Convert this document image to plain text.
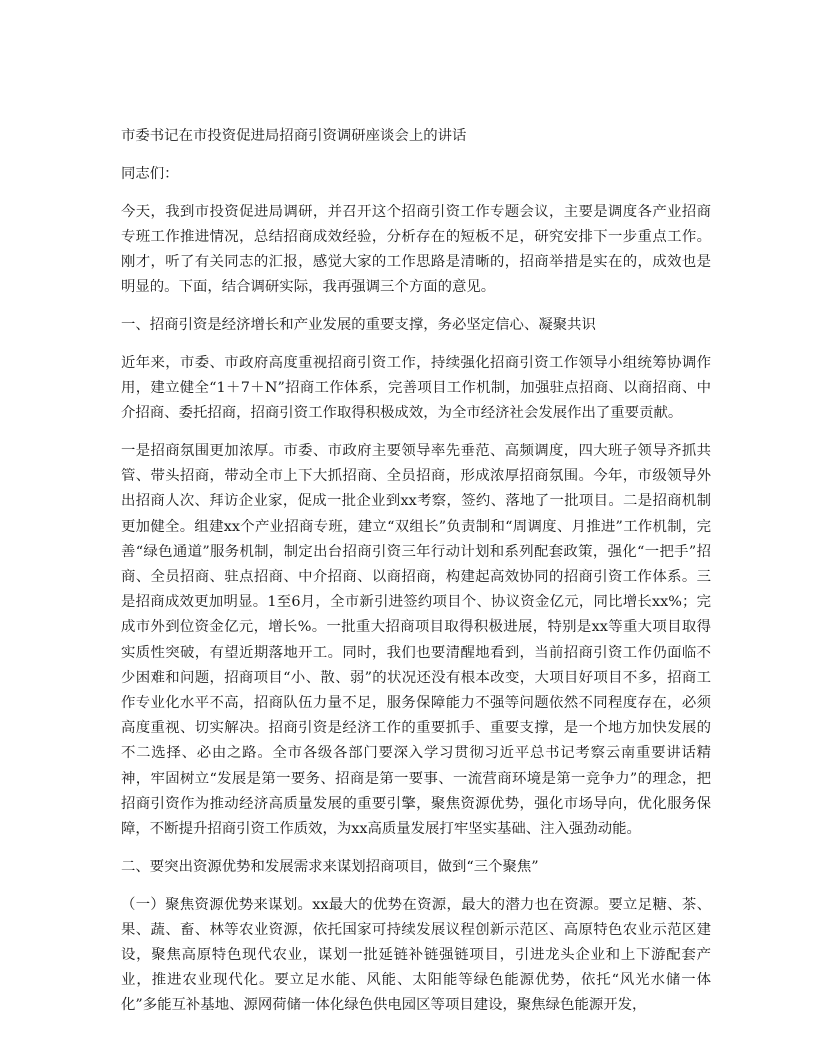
市委书记在市投资促进局招商引资调研座谈会上的讲话

同志们：

今天，我到市投资促进局调研，并召开这个招商引资工作专题会议，主要是调度各产业招商专班工作推进情况，总结招商成效经验，分析存在的短板不足，研究安排下一步重点工作。刚才，听了有关同志的汇报，感觉大家的工作思路是清晰的，招商举措是实在的，成效也是明显的。下面，结合调研实际，我再强调三个方面的意见。

一、招商引资是经济增长和产业发展的重要支撑，务必坚定信心、凝聚共识

近年来，市委、市政府高度重视招商引资工作，持续强化招商引资工作领导小组统筹协调作用，建立健全“1＋7＋N”招商工作体系，完善项目工作机制，加强驻点招商、以商招商、中介招商、委托招商，招商引资工作取得积极成效，为全市经济社会发展作出了重要贡献。

一是招商氛围更加浓厚。市委、市政府主要领导率先垂范、高频调度，四大班子领导齐抓共管、带头招商，带动全市上下大抓招商、全员招商，形成浓厚招商氛围。今年，市级领导外出招商人次、拜访企业家，促成一批企业到xx考察，签约、落地了一批项目。二是招商机制更加健全。组建xx个产业招商专班，建立“双组长”负责制和“周调度、月推进”工作机制，完善“绿色通道”服务机制，制定出台招商引资三年行动计划和系列配套政策，强化“一把手”招商、全员招商、驻点招商、中介招商、以商招商，构建起高效协同的招商引资工作体系。三是招商成效更加明显。1至6月，全市新引进签约项目个、协议资金亿元，同比增长xx%；完成市外到位资金亿元，增长%。一批重大招商项目取得积极进展，特别是xx等重大项目取得实质性突破，有望近期落地开工。同时，我们也要清醒地看到，当前招商引资工作仍面临不少困难和问题，招商项目“小、散、弱”的状况还没有根本改变，大项目好项目不多，招商工作专业化水平不高，招商队伍力量不足，服务保障能力不强等问题依然不同程度存在，必须高度重视、切实解决。招商引资是经济工作的重要抓手、重要支撑，是一个地方加快发展的不二选择、必由之路。全市各级各部门要深入学习贯彻习近平总书记考察云南重要讲话精神，牢固树立“发展是第一要务、招商是第一要事、一流营商环境是第一竞争力”的理念，把招商引资作为推动经济高质量发展的重要引擎，聚焦资源优势，强化市场导向，优化服务保障，不断提升招商引资工作质效，为xx高质量发展打牢坚实基础、注入强劲动能。

二、要突出资源优势和发展需求来谋划招商项目，做到“三个聚焦”

（一）聚焦资源优势来谋划。xx最大的优势在资源，最大的潜力也在资源。要立足糖、茶、果、蔬、畜、林等农业资源，依托国家可持续发展议程创新示范区、高原特色农业示范区建设，聚焦高原特色现代农业，谋划一批延链补链强链项目，引进龙头企业和上下游配套产业，推进农业现代化。要立足水能、风能、太阳能等绿色能源优势，依托“风光水储一体化”多能互补基地、源网荷储一体化绿色供电园区等项目建设，聚焦绿色能源开发，
